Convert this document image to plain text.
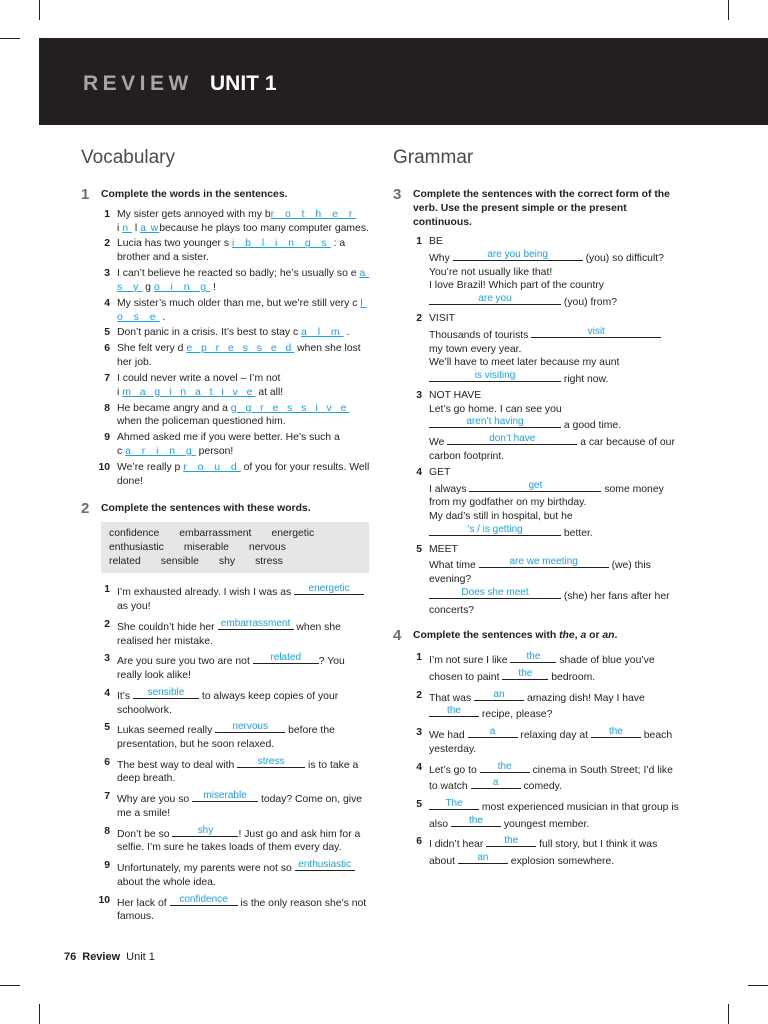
REVIEW UNIT 1
Vocabulary
1 Complete the words in the sentences.
1 My sister gets annoyed with my br o t h e r
i n l a wbecause he plays too many computer games.
2 Lucia has two younger s i b l i n g s : a brother and a sister.
3 I can’t believe he reacted so badly; he’s usually so e a s y g o i n g !
4 My sister’s much older than me, but we’re still very c l o s e .
5 Don’t panic in a crisis. It’s best to stay c a l m .
6 She felt very d e p r e s s e d when she lost her job.
7 I could never write a novel – I’m not
i m a g i n a t i v e at all!
8 He became angry and a g g r e s s i v e when the policeman questioned him.
9 Ahmed asked me if you were better. He’s such a
c a r i n g person!
10 We’re really p r o u d of you for your results. Well done!
2 Complete the sentences with these words.
confidence embarrassment energetic
enthusiastic miserable nervous
related sensible shy stress
1 I’m exhausted already. I wish I was as	energetic

as you!
2 She couldn’t hide her embarrassment when she realised her mistake.
3 Are you sure you two are not	related	? You really look alike!
4 It’s	sensible	to always keep copies of your schoolwork.
5 Lukas seemed really	nervous	before the presentation, but he soon relaxed.
6 The best way to deal with	stress	is to take a deep breath.
7 Why are you so	miserable	today? Come on, give me a smile!
8 Don’t be so	shy	! Just go and ask him for a selfie. I’m sure he takes loads of them every day.
9 Unfortunately, my parents were not so enthusiastic
about the whole idea.
10 Her lack of	confidence	is the only reason she’s not famous.
Grammar
3 Complete the sentences with the correct form of the verb. Use the present simple or the present continuous.
1 BE

Why	are you being	(you) so difficult? You’re not usually like that!

I love Brazil! Which part of the country

are you	(you) from?

2 VISIT

Thousands of tourists	visit

my town every year.

We’ll have to meet later because my aunt

is visiting	right now.

3 NOT HAVE

Let’s go home. I can see you

aren’t having	a good time.

We	don’t have	a car because of our carbon footprint.

4 GET

I always	get	some money from my godfather on my birthday.

My dad’s still in hospital, but he

’s / is getting	better.

5 MEET

What time	are we meeting	(we) this evening?

Does she meet	(she) her fans after her concerts?

4 Complete the sentences with the, a or an.
1 I’m not sure I like	the	shade of blue you’ve chosen to paint	the	bedroom.
2 That was	an	amazing dish! May I have

the	recipe, please?
3 We had	a	relaxing day at	the	beach yesterday.
4 Let’s go to	the	cinema in South Street; I’d like to watch	a	comedy.
5	The	most experienced musician in that group is also	the	youngest member.
6 I didn’t hear	the	full story, but I think it was about	an	explosion somewhere.
76 Review Unit 1
